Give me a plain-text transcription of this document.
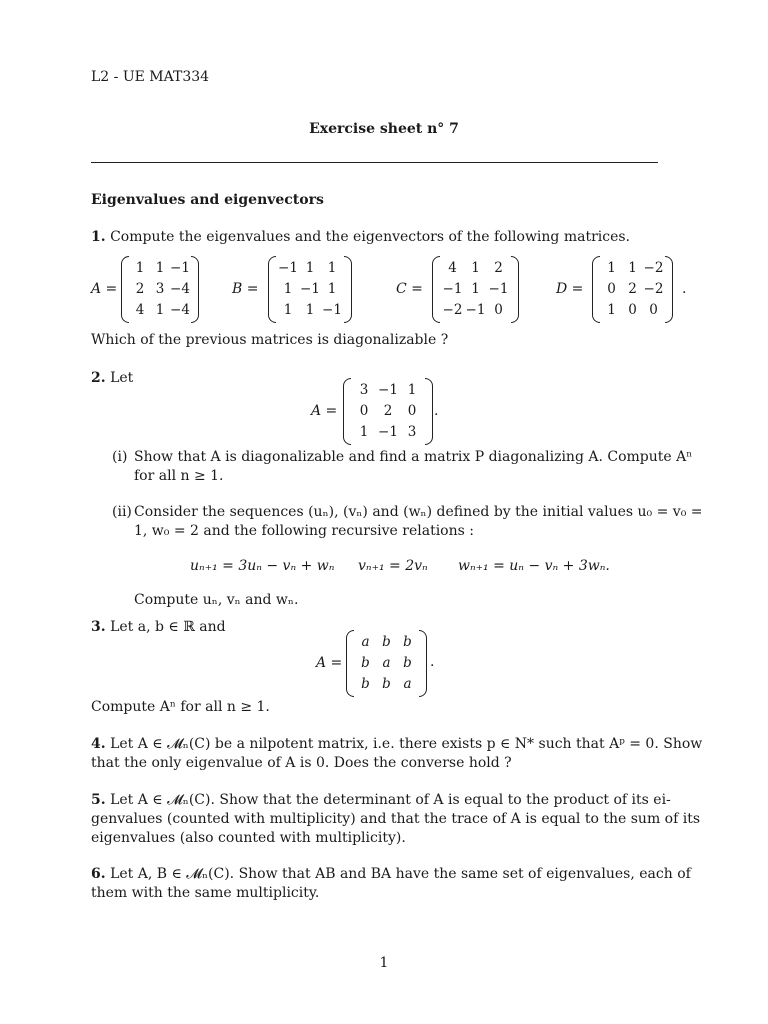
L2 - UE MAT334
Exercise sheet n° 7
Eigenvalues and eigenvectors
1. Compute the eigenvalues and the eigenvectors of the following matrices.
A =
1 1 −1
2 3 −4
4 1 −4
B =
−1 1 1
1 −1 1
1 1 −1
C =
4	1	2
−1 1 −1
−2 −1 0
D =
1 1 −2
0 2 −2
1 0 0
.
Which of the previous matrices is diagonalizable ?
2. Let
A =
3 −1 1
0	2	0
1 −1 3
.
(i) Show that A is diagonalizable and find a matrix P diagonalizing A. Compute Aⁿ
for all n ≥ 1.
(ii) Consider the sequences (uₙ), (vₙ) and (wₙ) defined by the initial values u₀ = v₀ =
1, w₀ = 2 and the following recursive relations :
uₙ₊₁ = 3uₙ − vₙ + wₙ vₙ₊₁ = 2vₙ wₙ₊₁ = uₙ − vₙ + 3wₙ.
Compute uₙ, vₙ and wₙ.
3. Let a, b ∈ ℝ and
A =
a b b
b a b
b b a
.
Compute Aⁿ for all n ≥ 1.
4. Let A ∈ 𝓜ₙ(C) be a nilpotent matrix, i.e. there exists p ∈ N* such that Aᵖ = 0. Show
that the only eigenvalue of A is 0. Does the converse hold ?
5. Let A ∈ 𝓜ₙ(C). Show that the determinant of A is equal to the product of its ei-
genvalues (counted with multiplicity) and that the trace of A is equal to the sum of its
eigenvalues (also counted with multiplicity).
6. Let A, B ∈ 𝓜ₙ(C). Show that AB and BA have the same set of eigenvalues, each of
them with the same multiplicity.
1
